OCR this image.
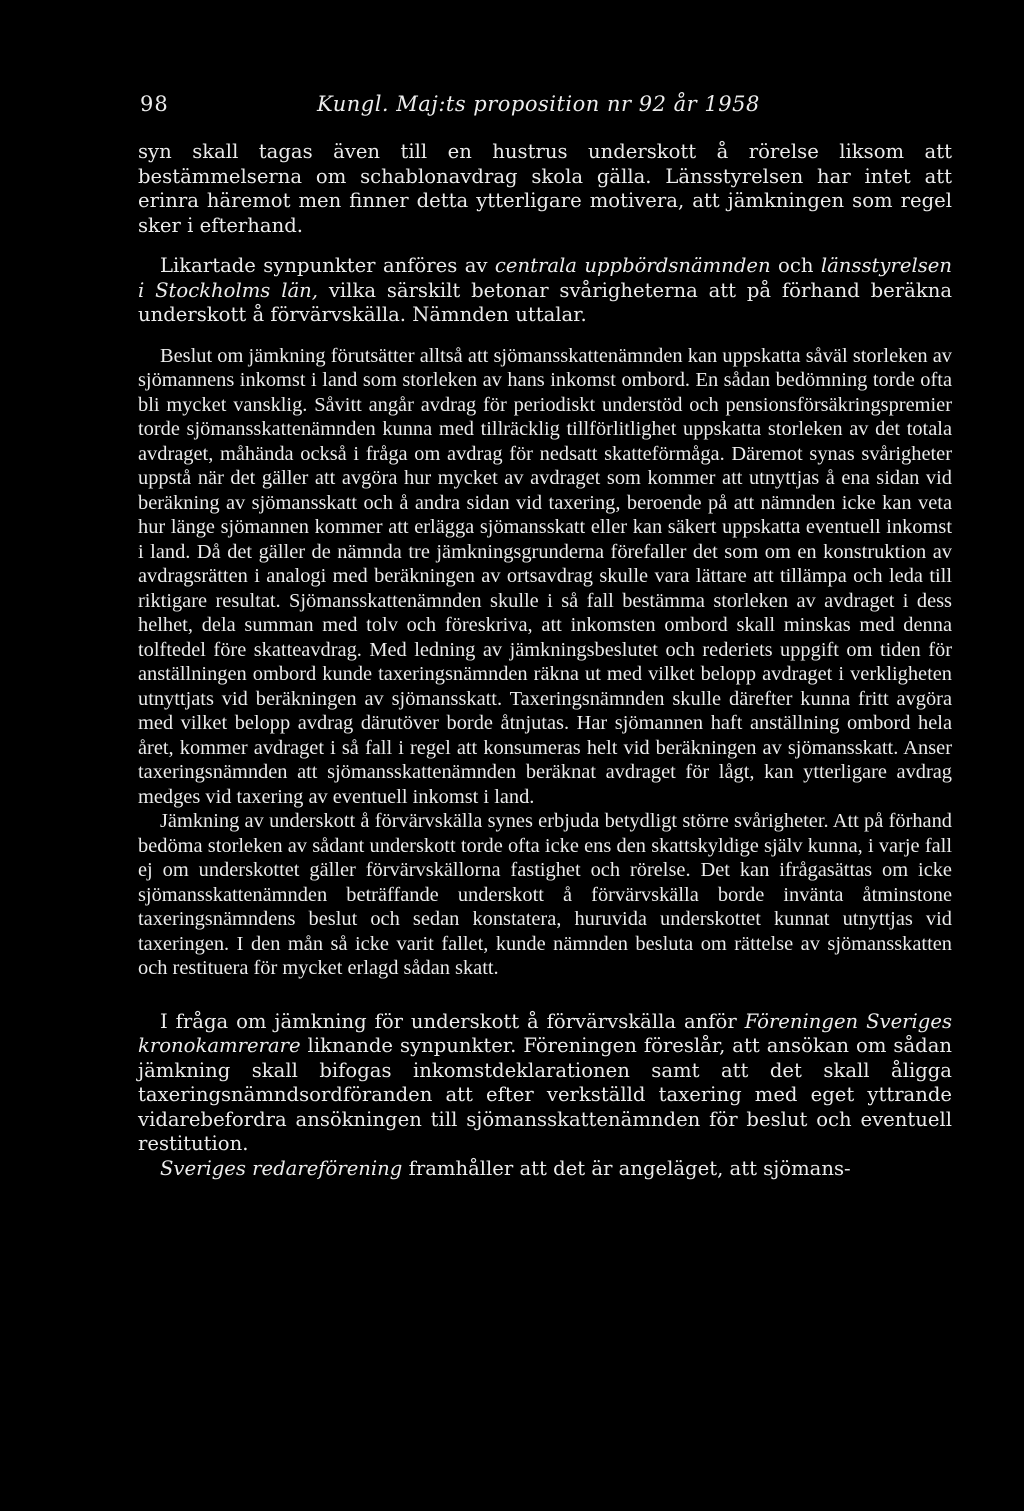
98	Kungl. Maj:ts proposition nr 92 år 1958

syn skall tagas även till en hustrus underskott å rörelse liksom att bestämmelserna om schablonavdrag skola gälla. Länsstyrelsen har intet att erinra häremot men finner detta ytterligare motivera, att jämkningen som regel sker i efterhand.

Likartade synpunkter anföres av centrala uppbördsnämnden och länsstyrelsen i Stockholms län, vilka särskilt betonar svårigheterna att på förhand beräkna underskott å förvärvskälla. Nämnden uttalar.

Beslut om jämkning förutsätter alltså att sjömansskattenämnden kan uppskatta såväl storleken av sjömannens inkomst i land som storleken av hans inkomst ombord. En sådan bedömning torde ofta bli mycket vansklig. Såvitt angår avdrag för periodiskt understöd och pensionsförsäkringspremier torde sjömansskattenämnden kunna med tillräcklig tillförlitlighet uppskatta storleken av det totala avdraget, måhända också i fråga om avdrag för nedsatt skatteförmåga. Däremot synas svårigheter uppstå när det gäller att avgöra hur mycket av avdraget som kommer att utnyttjas å ena sidan vid beräkning av sjömansskatt och å andra sidan vid taxering, beroende på att nämnden icke kan veta hur länge sjömannen kommer att erlägga sjömansskatt eller kan säkert uppskatta eventuell inkomst i land. Då det gäller de nämnda tre jämkningsgrunderna förefaller det som om en konstruktion av avdragsrätten i analogi med beräkningen av ortsavdrag skulle vara lättare att tillämpa och leda till riktigare resultat. Sjömansskattenämnden skulle i så fall bestämma storleken av avdraget i dess helhet, dela summan med tolv och föreskriva, att inkomsten ombord skall minskas med denna tolftedel före skatteavdrag. Med ledning av jämkningsbeslutet och rederiets uppgift om tiden för anställningen ombord kunde taxeringsnämnden räkna ut med vilket belopp avdraget i verkligheten utnyttjats vid beräkningen av sjömansskatt. Taxeringsnämnden skulle därefter kunna fritt avgöra med vilket belopp avdrag därutöver borde åtnjutas. Har sjömannen haft anställning ombord hela året, kommer avdraget i så fall i regel att konsumeras helt vid beräkningen av sjömansskatt. Anser taxeringsnämnden att sjömansskattenämnden beräknat avdraget för lågt, kan ytterligare avdrag medges vid taxering av eventuell inkomst i land.

Jämkning av underskott å förvärvskälla synes erbjuda betydligt större svårigheter. Att på förhand bedöma storleken av sådant underskott torde ofta icke ens den skattskyldige själv kunna, i varje fall ej om underskottet gäller förvärvskällorna fastighet och rörelse. Det kan ifrågasättas om icke sjömansskattenämnden beträffande underskott å förvärvskälla borde invänta åtminstone taxeringsnämndens beslut och sedan konstatera, huruvida underskottet kunnat utnyttjas vid taxeringen. I den mån så icke varit fallet, kunde nämnden besluta om rättelse av sjömansskatten och restituera för mycket erlagd sådan skatt.

I fråga om jämkning för underskott å förvärvskälla anför Föreningen Sveriges kronokamrerare liknande synpunkter. Föreningen föreslår, att ansökan om sådan jämkning skall bifogas inkomstdeklarationen samt att det skall åligga taxeringsnämndsordföranden att efter verkställd taxering med eget yttrande vidarebefordra ansökningen till sjömansskattenämnden för beslut och eventuell restitution.

Sveriges redareförening framhåller att det är angeläget, att sjömans-
